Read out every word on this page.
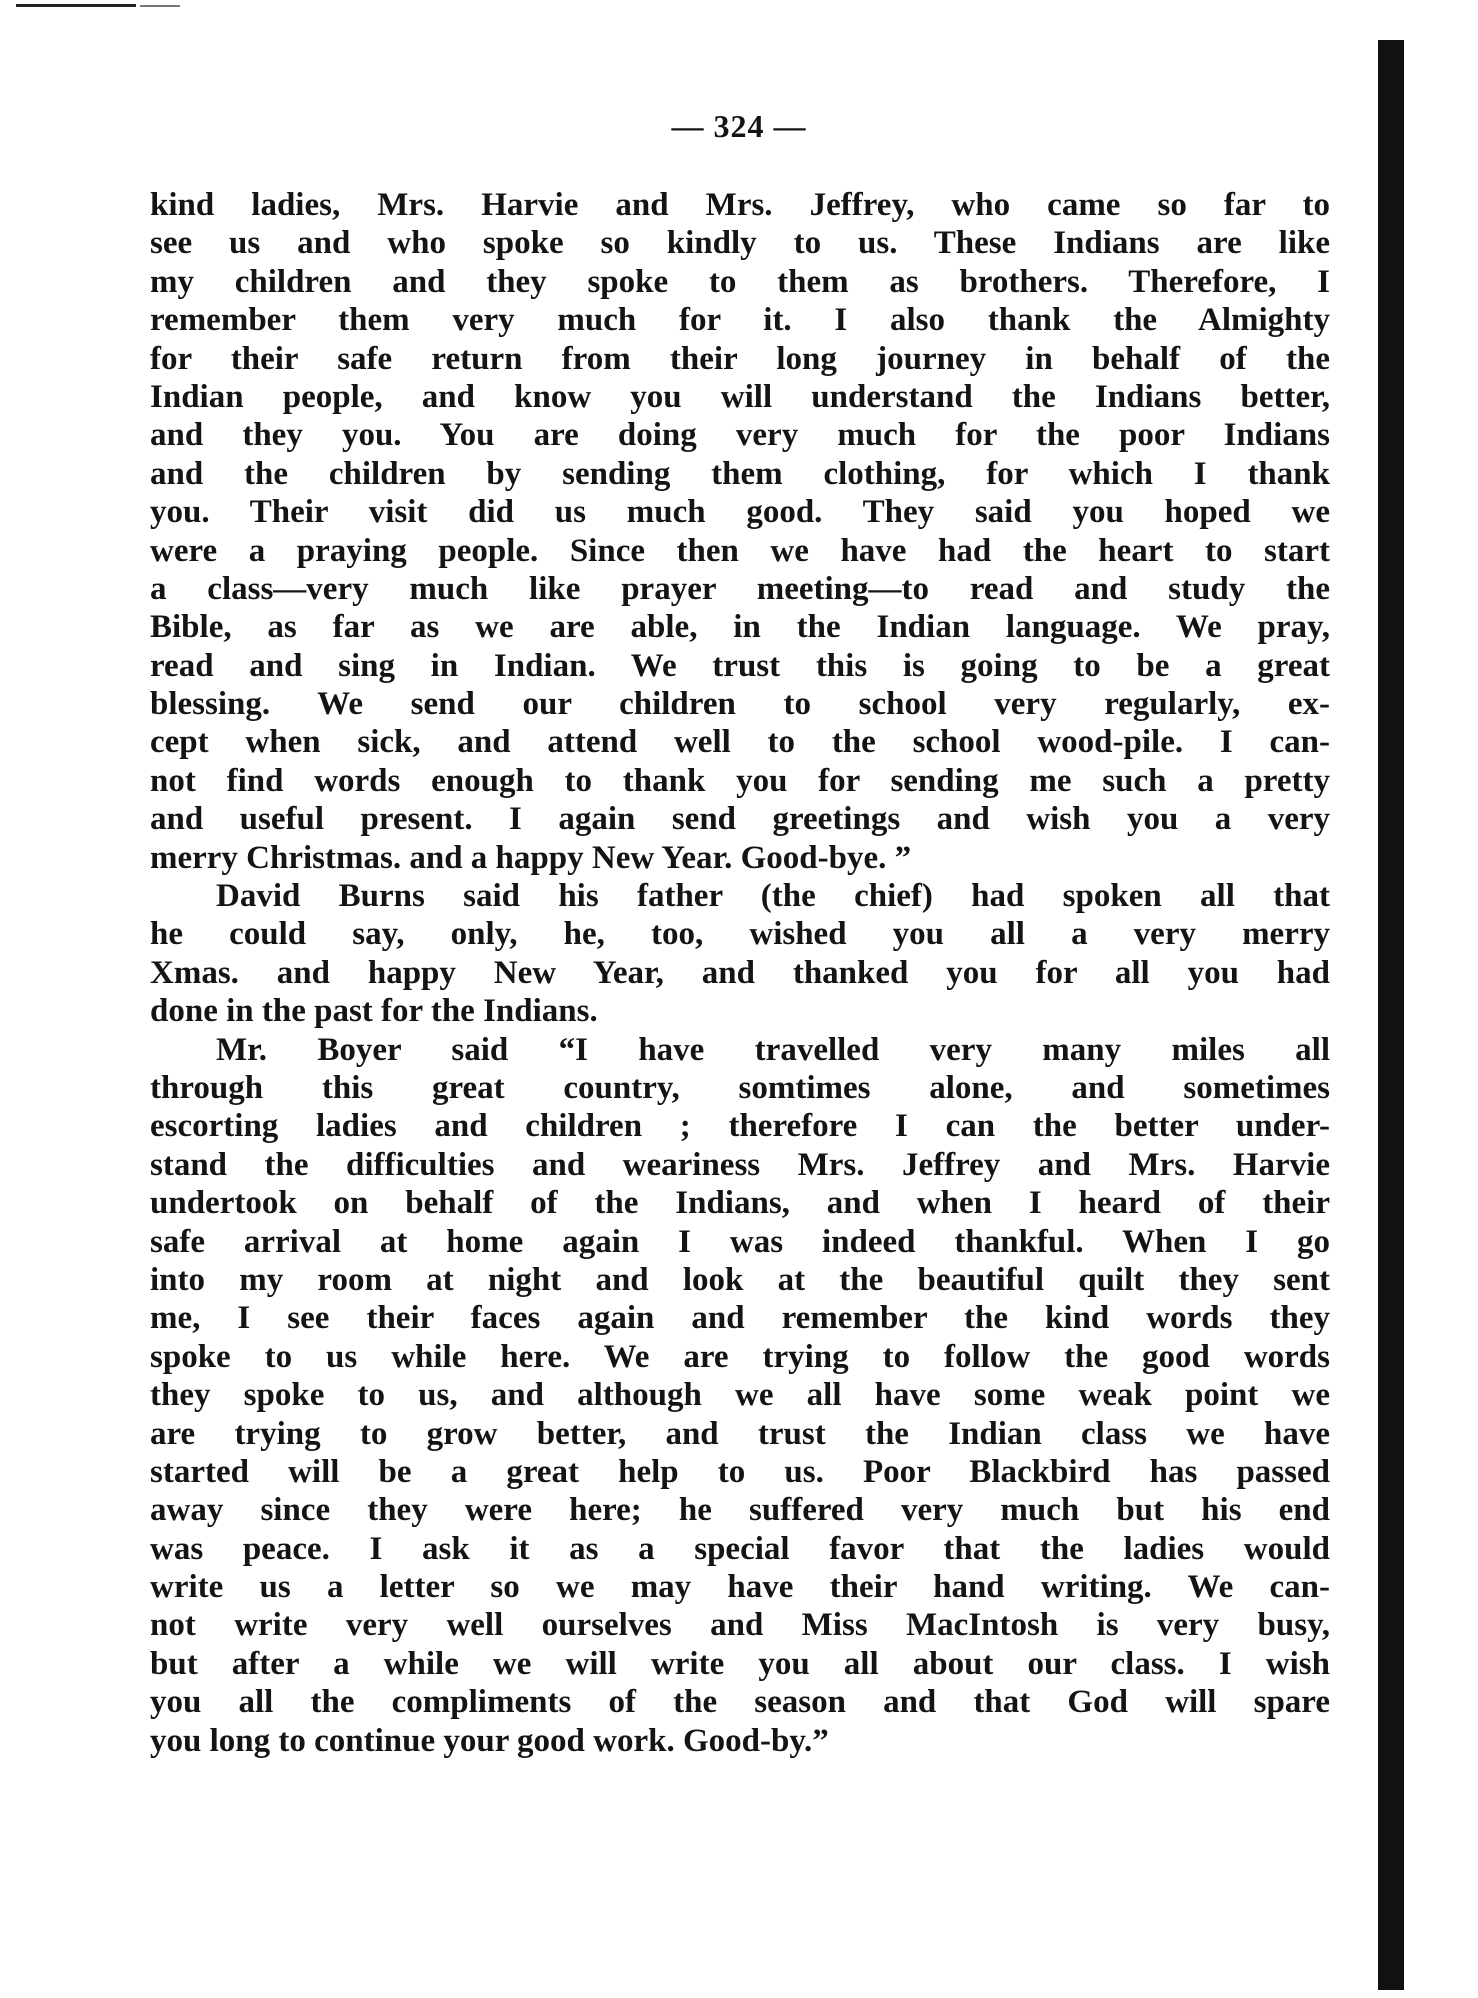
— 324 —
kind ladies, Mrs. Harvie and Mrs. Jeffrey, who came so far to
see us and who spoke so kindly to us. These Indians are like
my children and they spoke to them as brothers. Therefore, I
remember them very much for it. I also thank the Almighty
for their safe return from their long journey in behalf of the
Indian people, and know you will understand the Indians better,
and they you. You are doing very much for the poor Indians
and the children by sending them clothing, for which I thank
you. Their visit did us much good. They said you hoped we
were a praying people. Since then we have had the heart to start
a class—very much like prayer meeting—to read and study the
Bible, as far as we are able, in the Indian language. We pray,
read and sing in Indian. We trust this is going to be a great
blessing. We send our children to school very regularly, ex-
cept when sick, and attend well to the school wood-pile. I can-
not find words enough to thank you for sending me such a pretty
and useful present. I again send greetings and wish you a very
merry Christmas. and a happy New Year. Good-bye. ”
David Burns said his father (the chief) had spoken all that
he could say, only, he, too, wished you all a very merry
Xmas. and happy New Year, and thanked you for all you had
done in the past for the Indians.
Mr. Boyer said “I have travelled very many miles all
through this great country, somtimes alone, and sometimes
escorting ladies and children ; therefore I can the better under-
stand the difficulties and weariness Mrs. Jeffrey and Mrs. Harvie
undertook on behalf of the Indians, and when I heard of their
safe arrival at home again I was indeed thankful. When I go
into my room at night and look at the beautiful quilt they sent
me, I see their faces again and remember the kind words they
spoke to us while here. We are trying to follow the good words
they spoke to us, and although we all have some weak point we
are trying to grow better, and trust the Indian class we have
started will be a great help to us. Poor Blackbird has passed
away since they were here; he suffered very much but his end
was peace. I ask it as a special favor that the ladies would
write us a letter so we may have their hand writing. We can-
not write very well ourselves and Miss MacIntosh is very busy,
but after a while we will write you all about our class. I wish
you all the compliments of the season and that God will spare
you long to continue your good work. Good-by.”
